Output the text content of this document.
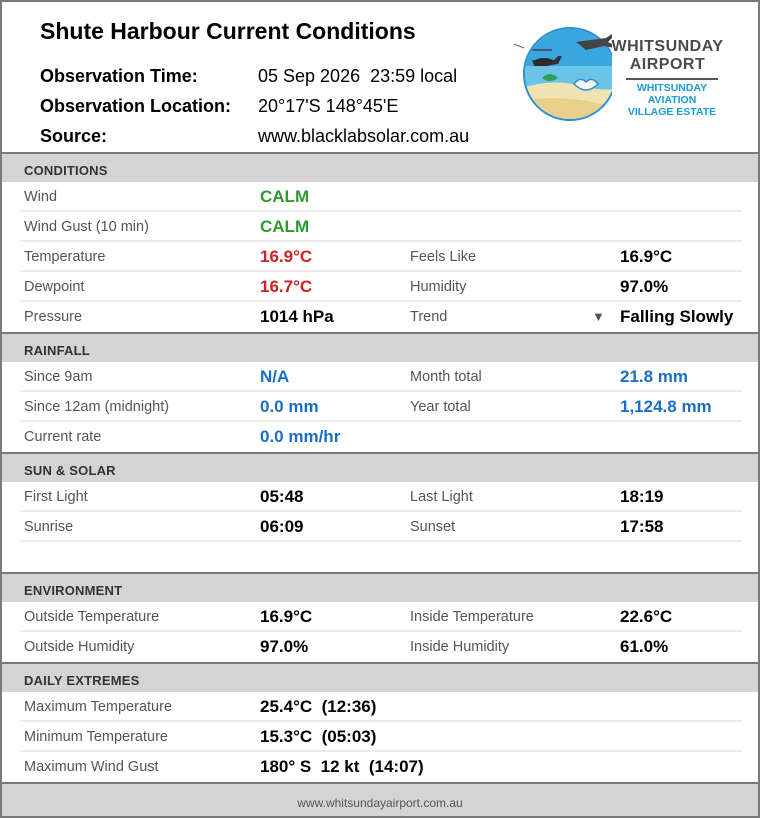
Shute Harbour Current Conditions
Observation Time:	05 Sep 2026  23:59 local
Observation Location:	20°17'S 148°45'E
Source:	www.blacklabsolar.com.au
WHITSUNDAY
AIRPORT
WHITSUNDAY AVIATION
VILLAGE ESTATE
CONDITIONS
Wind	CALM
Wind Gust (10 min)	CALM
Temperature	16.9°C	Feels Like	16.9°C
Dewpoint	16.7°C	Humidity	97.0%
Pressure	1014 hPa	Trend	▼ Falling Slowly
RAINFALL
Since 9am	N/A	Month total	21.8 mm
Since 12am (midnight)	0.0 mm	Year total	1,124.8 mm
Current rate	0.0 mm/hr
SUN & SOLAR
First Light	05:48	Last Light	18:19
Sunrise	06:09	Sunset	17:58
ENVIRONMENT
Outside Temperature	16.9°C	Inside Temperature	22.6°C
Outside Humidity	97.0%	Inside Humidity	61.0%
DAILY EXTREMES
Maximum Temperature	25.4°C  (12:36)
Minimum Temperature	15.3°C  (05:03)
Maximum Wind Gust	180° S  12 kt  (14:07)
www.whitsundayairport.com.au
